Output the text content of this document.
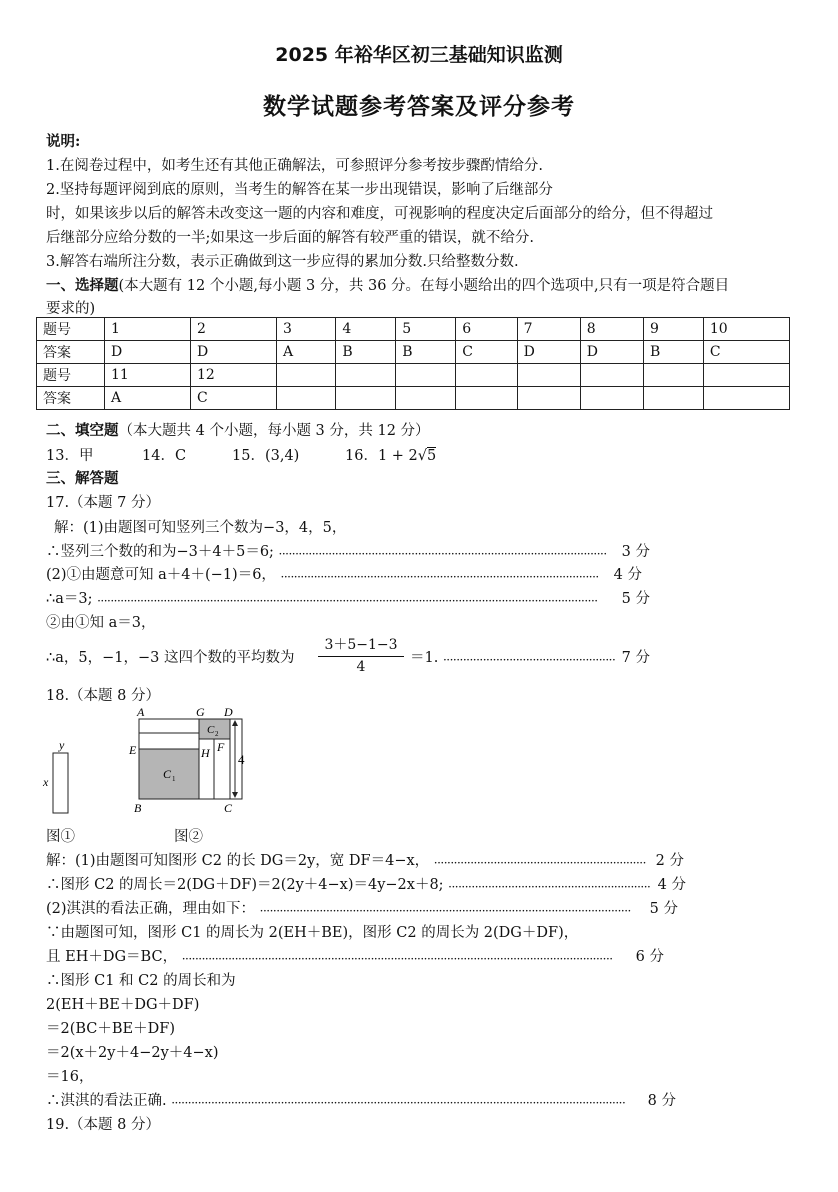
2025 年裕华区初三基础知识监测
数学试题参考答案及评分参考
说明:
1.在阅卷过程中，如考生还有其他正确解法，可参照评分参考按步骤酌情给分.
2.坚持每题评阅到底的原则，当考生的解答在某一步出现错误，影响了后继部分
时，如果该步以后的解答未改变这一题的内容和难度，可视影响的程度决定后面部分的给分，但不得超过
后继部分应给分数的一半;如果这一步后面的解答有较严重的错误，就不给分.
3.解答右端所注分数，表示正确做到这一步应得的累加分数.只给整数分数.
一、选择题(本大题有 12 个小题,每小题 3 分，共 36 分。在每小题给出的四个选项中,只有一项是符合题目
要求的)
题号	1	2	3	4	5	6	7	8	9	10
答案	D	D	A	B	B	C	D	D	B	C
题号	11	12								
答案	A	C								
二、填空题（本大题共 4 个小题，每小题 3 分，共 12 分）
13．甲	14．C	15．(3,4)	16．1 + 2√5
三、解答题
17.（本题 7 分）
解：(1)由题图可知竖列三个数为−3，4，5，
∴竖列三个数的和为−3＋4＋5＝6; ··································································································· 3 分
(2)①由题意可知 a＋4＋(−1)＝6， ································································································ 4 分
∴a＝3; ······················································································································································· 5 分
②由①知 a＝3，
∴a，5，−1，−3 这四个数的平均数为 $\frac{3+5-1-3}{4} =1$. ···················································· 7 分
18.（本题 8 分）
y
x
4
A	G D
E	H F
B	C
C 1
C 2
图①	图②
解：(1)由题图可知图形 C2 的长 DG＝2y，宽 DF＝4−x， ································································ 2 分
∴图形 C2 的周长＝2(DG＋DF)＝2(2y＋4−x)＝4y−2x＋8; ····························································· 4 分
(2)淇淇的看法正确，理由如下： ················································································································ 5 分
∵由题图可知，图形 C1 的周长为 2(EH＋BE)，图形 C2 的周长为 2(DG＋DF)，
且 EH＋DG＝BC， ·································································································································· 6 分
∴图形 C1 和 C2 的周长和为
2(EH＋BE＋DG＋DF)
＝2(BC＋BE＋DF)
＝2(x＋2y＋4−2y＋4−x)
＝16，
∴淇淇的看法正确. ········································································································································· 8 分
19.（本题 8 分）
